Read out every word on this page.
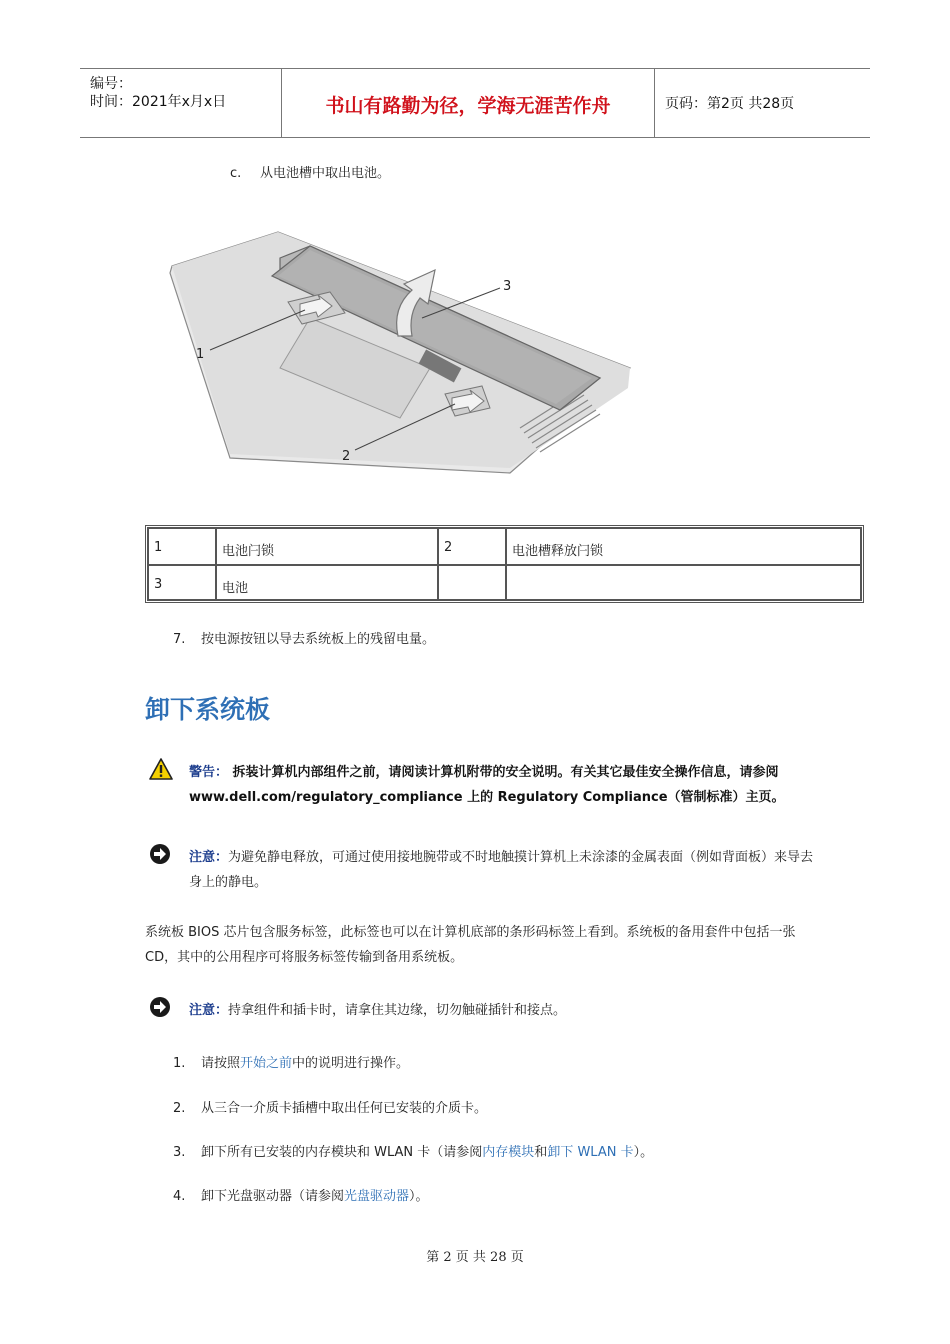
编号：
时间：2021年x月x日	书山有路勤为径，学海无涯苦作舟	页码：第2页 共28页
c. 从电池槽中取出电池。
1
2
3
1	电池闩锁	2	电池槽释放闩锁
3	电池
7. 按电源按钮以导去系统板上的残留电量。
卸下系统板
警告： 拆装计算机内部组件之前，请阅读计算机附带的安全说明。有关其它最佳安全操作信息，请参阅 www.dell.com/regulatory_compliance 上的 Regulatory Compliance（管制标准）主页。
注意：为避免静电释放，可通过使用接地腕带或不时地触摸计算机上未涂漆的金属表面（例如背面板）来导去身上的静电。
系统板 BIOS 芯片包含服务标签，此标签也可以在计算机底部的条形码标签上看到。系统板的备用套件中包括一张 CD，其中的公用程序可将服务标签传输到备用系统板。
注意：持拿组件和插卡时，请拿住其边缘，切勿触碰插针和接点。
1. 请按照开始之前中的说明进行操作。
2. 从三合一介质卡插槽中取出任何已安装的介质卡。
3. 卸下所有已安装的内存模块和 WLAN 卡（请参阅内存模块和卸下 WLAN 卡）。
4. 卸下光盘驱动器（请参阅光盘驱动器）。
第 2 页 共 28 页
